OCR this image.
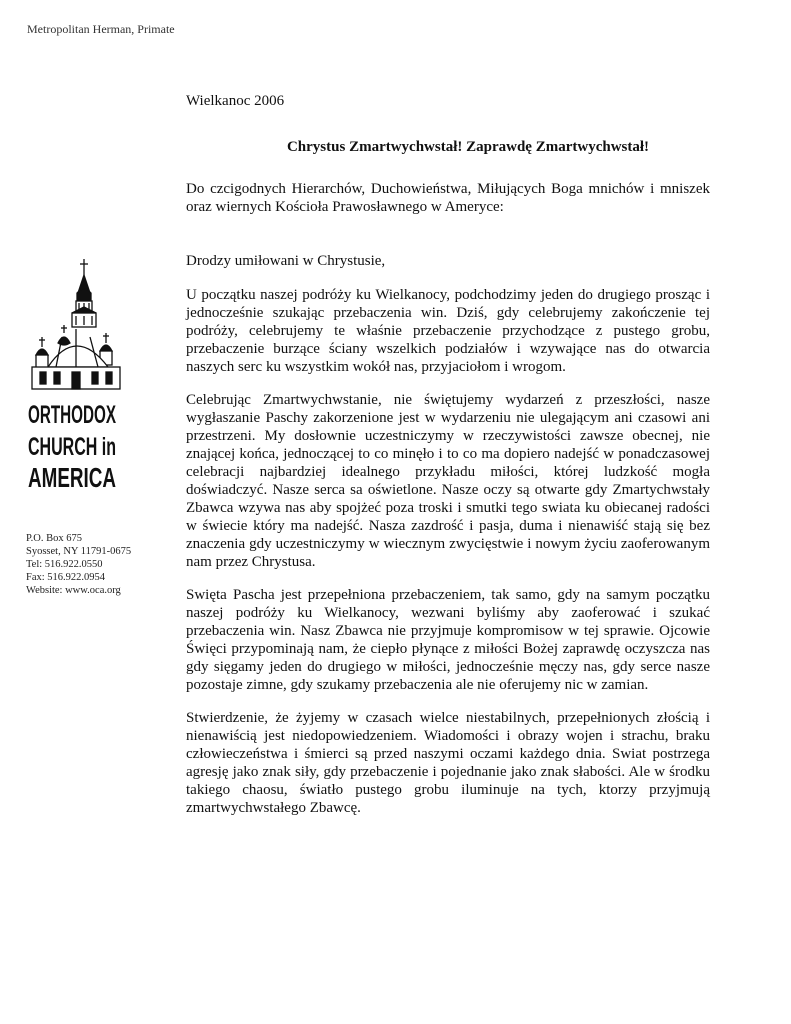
Metropolitan Herman, Primate
ORTHODOX
CHURCH in
AMERICA
P.O. Box 675
Syosset, NY 11791-0675
Tel: 516.922.0550
Fax: 516.922.0954
Website: www.oca.org
Wielkanoc 2006
Chrystus Zmartwychwstał! Zaprawdę Zmartwychwstał!
Do czcigodnych Hierarchów, Duchowieństwa, Miłujących Boga mnichów i mniszek oraz wiernych Kościoła Prawosławnego w Ameryce:
Drodzy umiłowani w Chrystusie,
U początku naszej podróży ku Wielkanocy, podchodzimy jeden do drugiego prosząc i jednocześnie szukając przebaczenia win. Dziś, gdy celebrujemy zakończenie tej podróży, celebrujemy te właśnie przebaczenie przychodzące z pustego grobu, przebaczenie burzące ściany wszelkich podziałów i wzywające nas do otwarcia naszych serc ku wszystkim wokół nas, przyjaciołom i wrogom.
Celebrując Zmartwychwstanie, nie świętujemy wydarzeń z przeszłości, nasze wygłaszanie Paschy zakorzenione jest w wydarzeniu nie ulegającym ani czasowi ani przestrzeni. My dosłownie uczestniczymy w rzeczywistości zawsze obecnej, nie znającej końca, jednoczącej to co minęło i to co ma dopiero nadejść w ponadczasowej celebracji najbardziej idealnego przykładu miłości, której ludzkość mogła doświadczyć. Nasze serca sa oświetlone. Nasze oczy są otwarte gdy Zmartychwstały Zbawca wzywa nas aby spojżeć poza troski i smutki tego swiata ku obiecanej radości w świecie który ma nadejść. Nasza zazdrość i pasja, duma i nienawiść stają się bez znaczenia gdy uczestniczymy w wiecznym zwycięstwie i nowym życiu zaoferowanym nam przez Chrystusa.
Swięta Pascha jest przepełniona przebaczeniem, tak samo, gdy na samym początku naszej podróży ku Wielkanocy, wezwani byliśmy aby zaoferować i szukać przebaczenia win. Nasz Zbawca nie przyjmuje kompromisow w tej sprawie. Ojcowie Święci przypominają nam, że ciepło płynące z miłości Bożej zaprawdę oczyszcza nas gdy sięgamy jeden do drugiego w miłości, jednocześnie męczy nas, gdy serce nasze pozostaje zimne, gdy szukamy przebaczenia ale nie oferujemy nic w zamian.
Stwierdzenie, że żyjemy w czasach wielce niestabilnych, przepełnionych złością i nienawiścią jest niedopowiedzeniem. Wiadomości i obrazy wojen i strachu, braku człowieczeństwa i śmierci są przed naszymi oczami każdego dnia. Swiat postrzega agresję jako znak siły, gdy przebaczenie i pojednanie jako znak słabości. Ale w środku takiego chaosu, światło pustego grobu iluminuje na tych, ktorzy przyjmują zmartwychwstałego Zbawcę.
